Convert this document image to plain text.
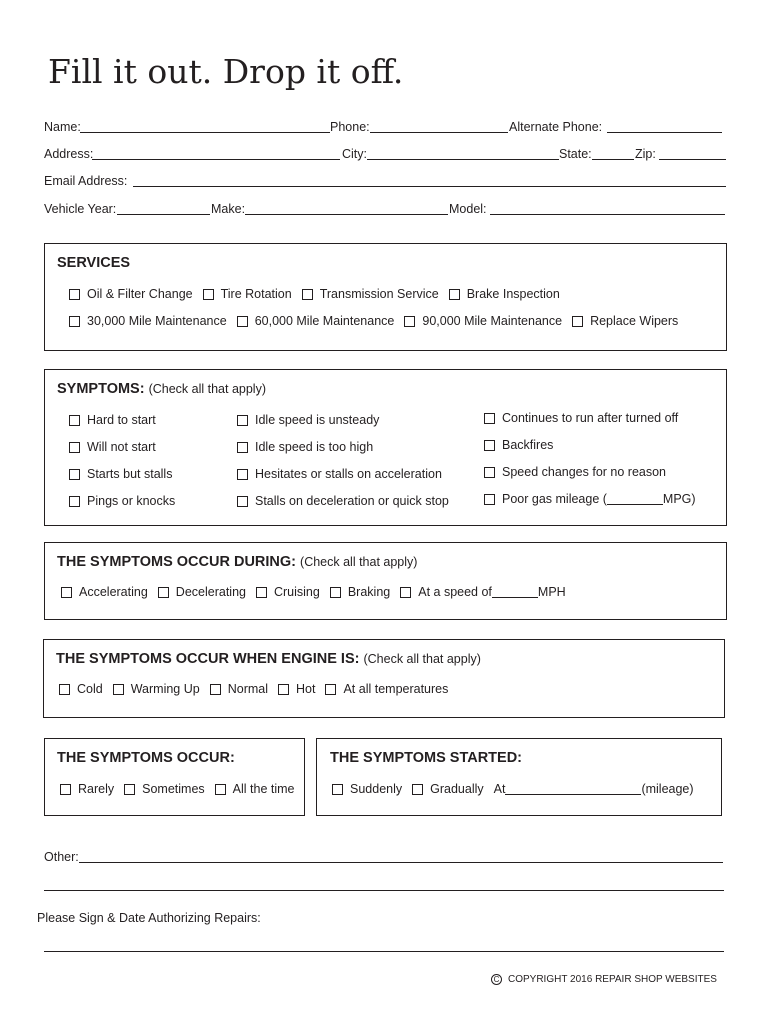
Fill it out. Drop it off.
Name:	Phone:	Alternate Phone:
Address:	City:	State:	Zip:
Email Address:
Vehicle Year:	Make:	Model:
SERVICES
Oil & Filter Change Tire Rotation Transmission Service Brake Inspection
30,000 Mile Maintenance 60,000 Mile Maintenance 90,000 Mile Maintenance Replace Wipers
SYMPTOMS: (Check all that apply)
Hard to start
Will not start
Starts but stalls
Pings or knocks
Idle speed is unsteady
Idle speed is too high
Hesitates or stalls on acceleration
Stalls on deceleration or quick stop
Continues to run after turned off
Backfires
Speed changes for no reason
Poor gas mileage (	MPG)
THE SYMPTOMS OCCUR DURING: (Check all that apply)
Accelerating Decelerating Cruising Braking At a speed of	MPH
THE SYMPTOMS OCCUR WHEN ENGINE IS: (Check all that apply)
Cold Warming Up Normal Hot At all temperatures
THE SYMPTOMS OCCUR:
Rarely Sometimes All the time
THE SYMPTOMS STARTED:
Suddenly Gradually At	(mileage)
Other:
Please Sign & Date Authorizing Repairs:
C COPYRIGHT 2016 REPAIR SHOP WEBSITES
